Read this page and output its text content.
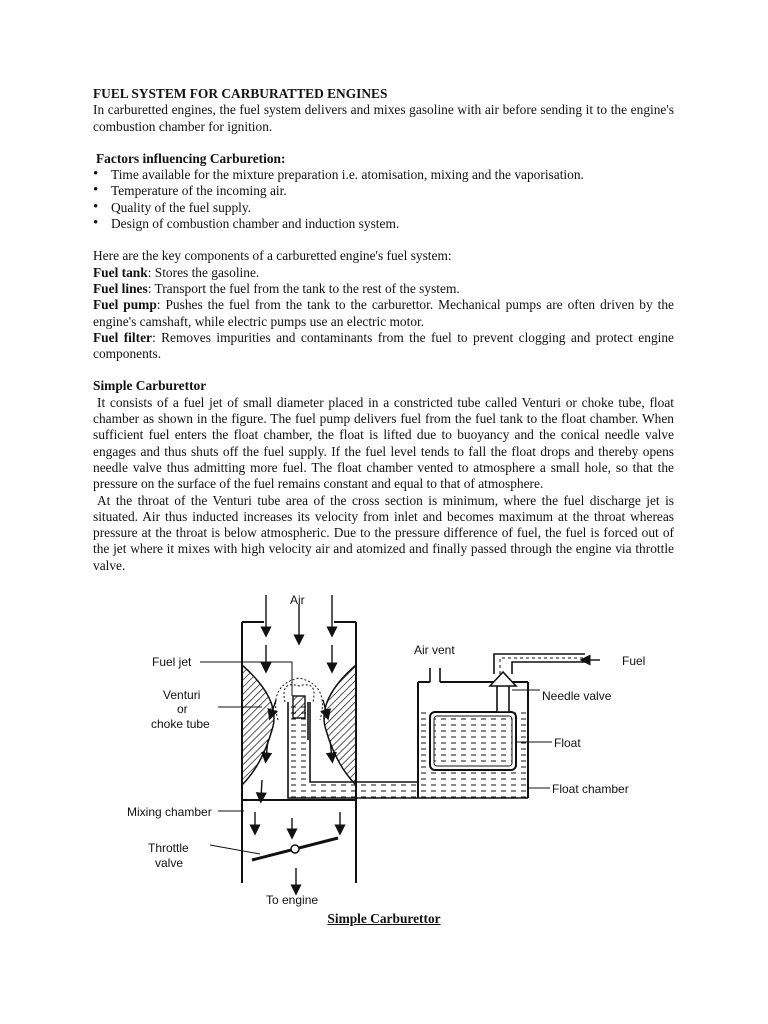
FUEL SYSTEM FOR CARBURATTED ENGINES

In carburetted engines, the fuel system delivers and mixes gasoline with air before sending it to the engine's combustion chamber for ignition.

Factors influencing Carburetion:

• Time available for the mixture preparation i.e. atomisation, mixing and the vaporisation.
• Temperature of the incoming air.
• Quality of the fuel supply.
• Design of combustion chamber and induction system.

Here are the key components of a carburetted engine's fuel system:

Fuel tank: Stores the gasoline.

Fuel lines: Transport the fuel from the tank to the rest of the system.

Fuel pump: Pushes the fuel from the tank to the carburettor. Mechanical pumps are often driven by the engine's camshaft, while electric pumps use an electric motor.

Fuel filter: Removes impurities and contaminants from the fuel to prevent clogging and protect engine components.

Simple Carburettor

It consists of a fuel jet of small diameter placed in a constricted tube called Venturi or choke tube, float chamber as shown in the figure. The fuel pump delivers fuel from the fuel tank to the float chamber. When sufficient fuel enters the float chamber, the float is lifted due to buoyancy and the conical needle valve engages and thus shuts off the fuel supply. If the fuel level tends to fall the float drops and thereby opens needle valve thus admitting more fuel. The float chamber vented to atmosphere a small hole, so that the pressure on the surface of the fuel remains constant and equal to that of atmosphere.

At the throat of the Venturi tube area of the cross section is minimum, where the fuel discharge jet is situated. Air thus inducted increases its velocity from inlet and becomes maximum at the throat whereas pressure at the throat is below atmospheric. Due to the pressure difference of fuel, the fuel is forced out of the jet where it mixes with high velocity air and atomized and finally passed through the engine via throttle valve.

Air
Fuel jet
Venturi
or
choke tube
Air vent
Fuel
Needle valve
Float
Float chamber
Mixing chamber
Throttle
valve
To engine
Simple Carburettor
